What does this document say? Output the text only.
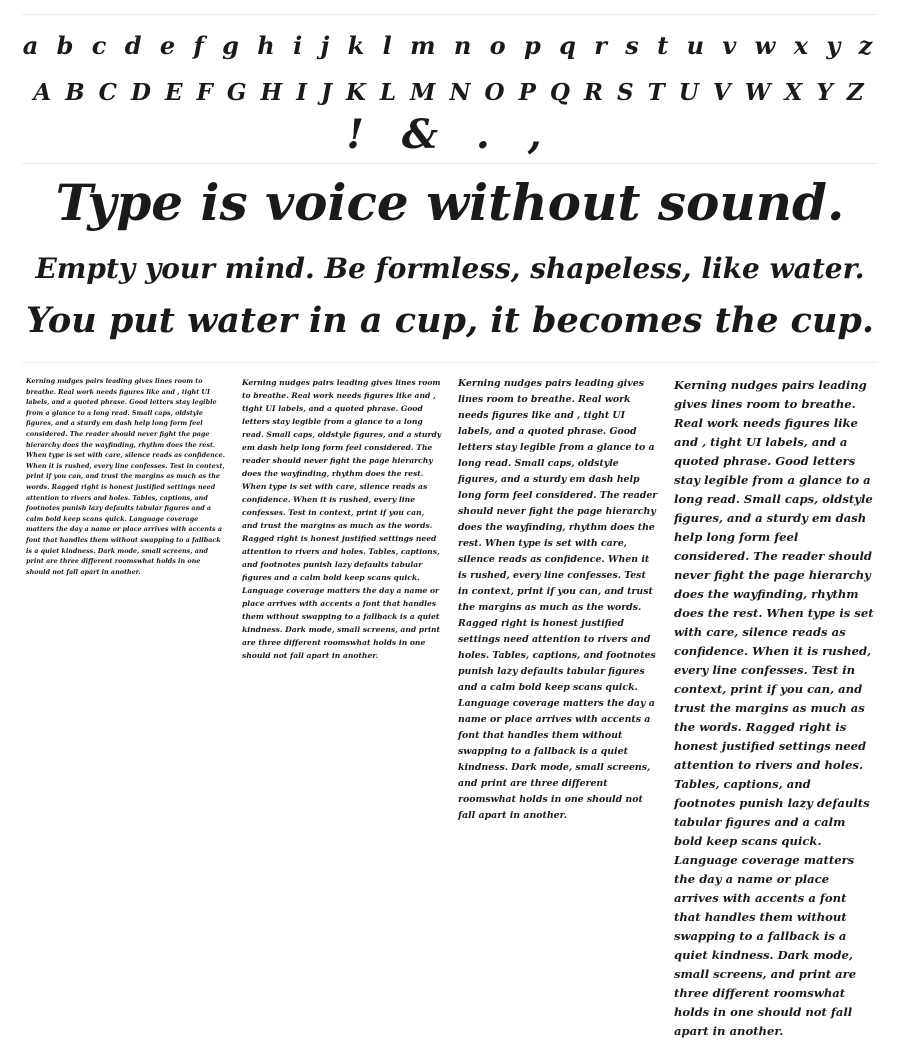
a b c d e f g h i j k l m n o p q r s t u v w x y z
A B C D E F G H I J K L M N O P Q R S T U V W X Y Z
! & . ,
Type is voice without sound.
Empty your mind. Be formless, shapeless, like water.
You put water in a cup, it becomes the cup.

Kerning nudges pairs leading gives lines room to breathe. Real work needs figures like and , tight UI labels, and a quoted phrase. Good letters stay legible from a glance to a long read. Small caps, oldstyle figures, and a sturdy em dash help long form feel considered. The reader should never fight the page hierarchy does the wayfinding, rhythm does the rest. When type is set with care, silence reads as confidence. When it is rushed, every line confesses. Test in context, print if you can, and trust the margins as much as the words. Ragged right is honest justified settings need attention to rivers and holes. Tables, captions, and footnotes punish lazy defaults tabular figures and a calm bold keep scans quick. Language coverage matters the day a name or place arrives with accents a font that handles them without swapping to a fallback is a quiet kindness. Dark mode, small screens, and print are three different roomswhat holds in one should not fall apart in another.

Kerning nudges pairs leading gives lines room to breathe. Real work needs figures like and , tight UI labels, and a quoted phrase. Good letters stay legible from a glance to a long read. Small caps, oldstyle figures, and a sturdy em dash help long form feel considered. The reader should never fight the page hierarchy does the wayfinding, rhythm does the rest. When type is set with care, silence reads as confidence. When it is rushed, every line confesses. Test in context, print if you can, and trust the margins as much as the words. Ragged right is honest justified settings need attention to rivers and holes. Tables, captions, and footnotes punish lazy defaults tabular figures and a calm bold keep scans quick. Language coverage matters the day a name or place arrives with accents a font that handles them without swapping to a fallback is a quiet kindness. Dark mode, small screens, and print are three different roomswhat holds in one should not fall apart in another.

Kerning nudges pairs leading gives lines room to breathe. Real work needs figures like and , tight UI labels, and a quoted phrase. Good letters stay legible from a glance to a long read. Small caps, oldstyle figures, and a sturdy em dash help long form feel considered. The reader should never fight the page hierarchy does the wayfinding, rhythm does the rest. When type is set with care, silence reads as confidence. When it is rushed, every line confesses. Test in context, print if you can, and trust the margins as much as the words. Ragged right is honest justified settings need attention to rivers and holes. Tables, captions, and footnotes punish lazy defaults tabular figures and a calm bold keep scans quick. Language coverage matters the day a name or place arrives with accents a font that handles them without swapping to a fallback is a quiet kindness. Dark mode, small screens, and print are three different roomswhat holds in one should not fall apart in another.

Kerning nudges pairs leading gives lines room to breathe. Real work needs figures like and , tight UI labels, and a quoted phrase. Good letters stay legible from a glance to a long read. Small caps, oldstyle figures, and a sturdy em dash help long form feel considered. The reader should never fight the page hierarchy does the wayfinding, rhythm does the rest. When type is set with care, silence reads as confidence. When it is rushed, every line confesses. Test in context, print if you can, and trust the margins as much as the words. Ragged right is honest justified settings need attention to rivers and holes. Tables, captions, and footnotes punish lazy defaults tabular figures and a calm bold keep scans quick. Language coverage matters the day a name or place arrives with accents a font that handles them without swapping to a fallback is a quiet kindness. Dark mode, small screens, and print are three different roomswhat holds in one should not fall apart in another.
